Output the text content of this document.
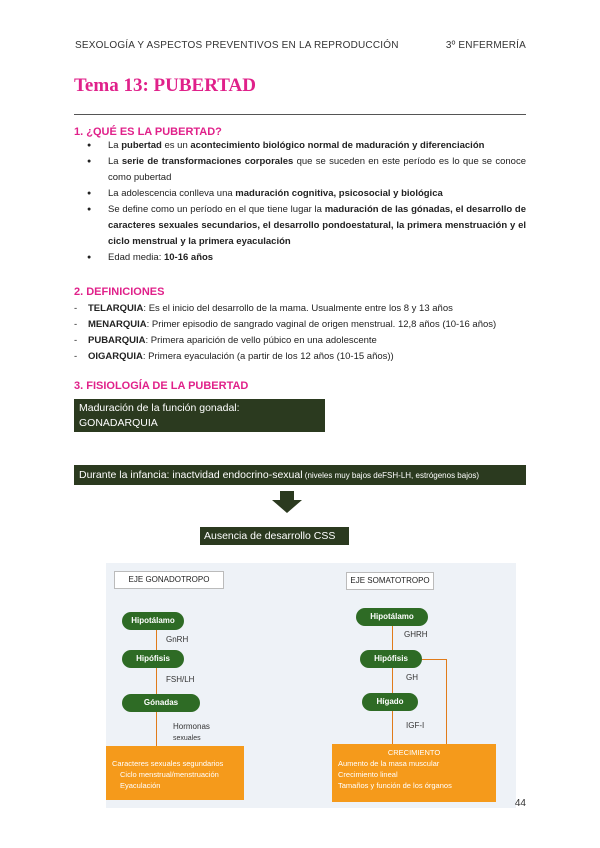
SEXOLOGÍA Y ASPECTOS PREVENTIVOS EN LA REPRODUCCIÓN	3º ENFERMERÍA
Tema 13: PUBERTAD
1. ¿QUÉ ES LA PUBERTAD?
● La pubertad es un acontecimiento biológico normal de maduración y diferenciación
● La serie de transformaciones corporales que se suceden en este período es lo que se conoce como pubertad
● La adolescencia conlleva una maduración cognitiva, psicosocial y biológica
● Se define como un período en el que tiene lugar la maduración de las gónadas, el desarrollo de caracteres sexuales secundarios, el desarrollo pondoestatural, la primera menstruación y el ciclo menstrual y la primera eyaculación
● Edad media: 10-16 años
2. DEFINICIONES
- TELARQUIA: Es el inicio del desarrollo de la mama. Usualmente entre los 8 y 13 años
- MENARQUIA: Primer episodio de sangrado vaginal de origen menstrual. 12,8 años (10-16 años)
- PUBARQUIA: Primera aparición de vello púbico en una adolescente
- OIGARQUIA: Primera eyaculación (a partir de los 12 años (10-15 años))
3. FISIOLOGÍA DE LA PUBERTAD
Maduración de la función gonadal: GONADARQUIA
Gonadotropinas
Durante la infancia: inactvidad endocrino-sexual (niveles muy bajos deFSH-LH, estrógenos bajos)
Ausencia de desarrollo CSS
EJE GONADOTROPO
Hipotálamo
Hipófisis
Gónadas
GnRH
FSH/LH
Hormonas
sexuales
Caracteres sexuales segundarios
Ciclo menstrual/menstruación
Eyaculación
EJE SOMATOTROPO
Hipotálamo
Hipófisis
Hígado
GHRH
GH
IGF-I
CRECIMIENTO
Aumento de la masa muscular
Crecimiento lineal
Tamaños y función de los órganos
44
